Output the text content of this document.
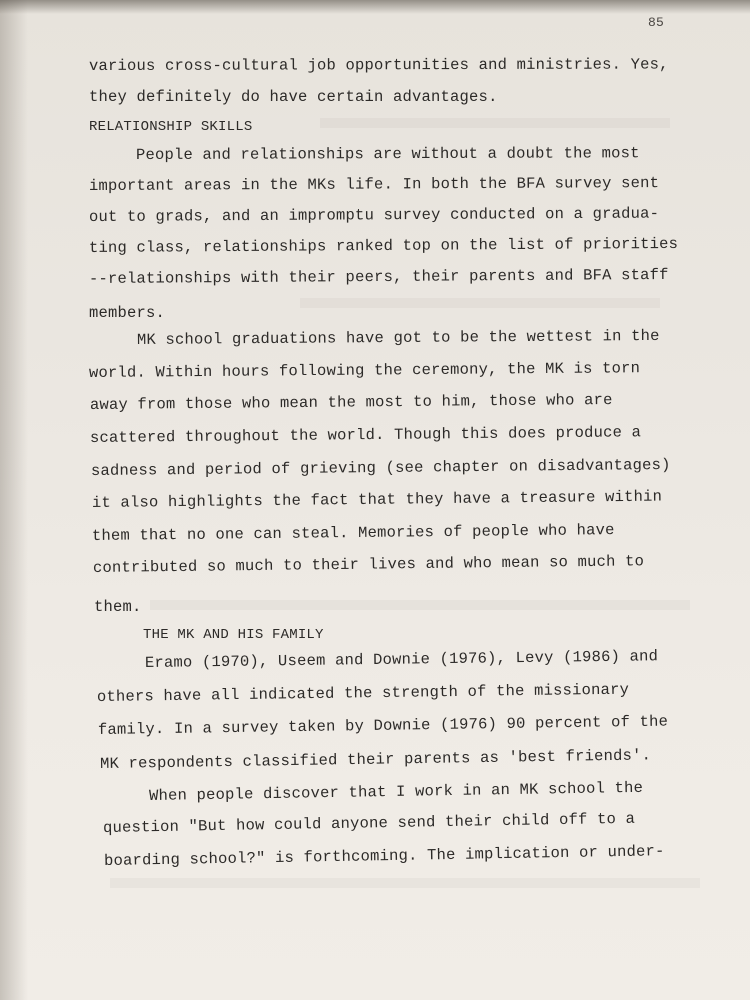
85
various cross-cultural job opportunities and ministries. Yes,
they definitely do have certain advantages.
RELATIONSHIP SKILLS
People and relationships are without a doubt the most
important areas in the MKs life. In both the BFA survey sent
out to grads, and an impromptu survey conducted on a gradua-
ting class, relationships ranked top on the list of priorities
--relationships with their peers, their parents and BFA staff
members.
MK school graduations have got to be the wettest in the
world. Within hours following the ceremony, the MK is torn
away from those who mean the most to him, those who are
scattered throughout the world. Though this does produce a
sadness and period of grieving (see chapter on disadvantages)
it also highlights the fact that they have a treasure within
them that no one can steal. Memories of people who have
contributed so much to their lives and who mean so much to
them.
THE MK AND HIS FAMILY
Eramo (1970), Useem and Downie (1976), Levy (1986) and
others have all indicated the strength of the missionary
family. In a survey taken by Downie (1976) 90 percent of the
MK respondents classified their parents as 'best friends'.
When people discover that I work in an MK school the
question "But how could anyone send their child off to a
boarding school?" is forthcoming. The implication or under-
